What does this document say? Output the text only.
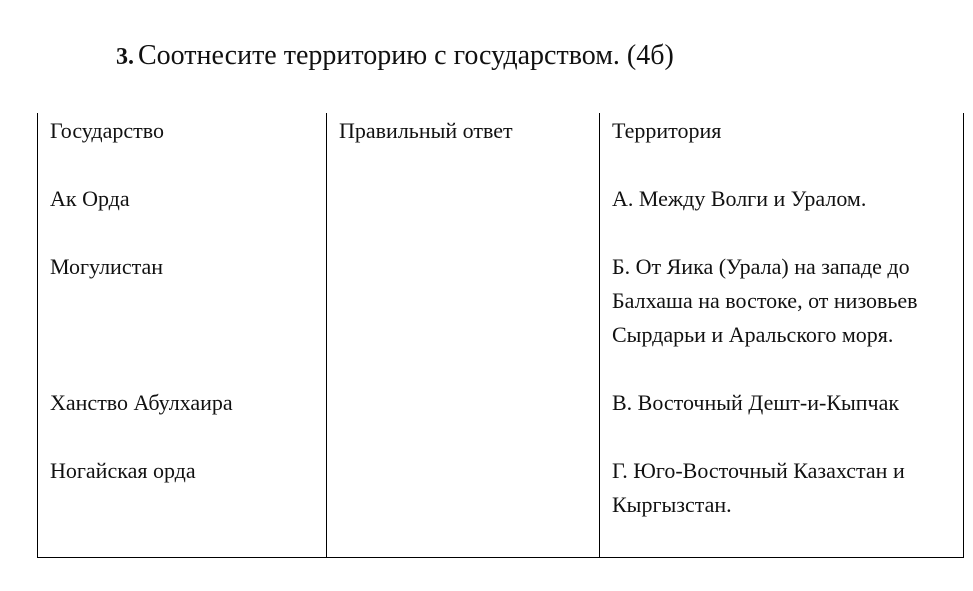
3. Соотнесите территорию с государством. (4б)
Государство	Правильный ответ	Территория

Ак Орда		А. Между Волги и Уралом.

Могулистан		Б. От Яика (Урала) на западе до Балхаша на востоке, от низовьев Сырдарьи и Аральского моря.

Ханство Абулхаира		В. Восточный Дешт-и-Кыпчак

Ногайская орда		Г. Юго-Восточный Казахстан и Кыргызстан.
